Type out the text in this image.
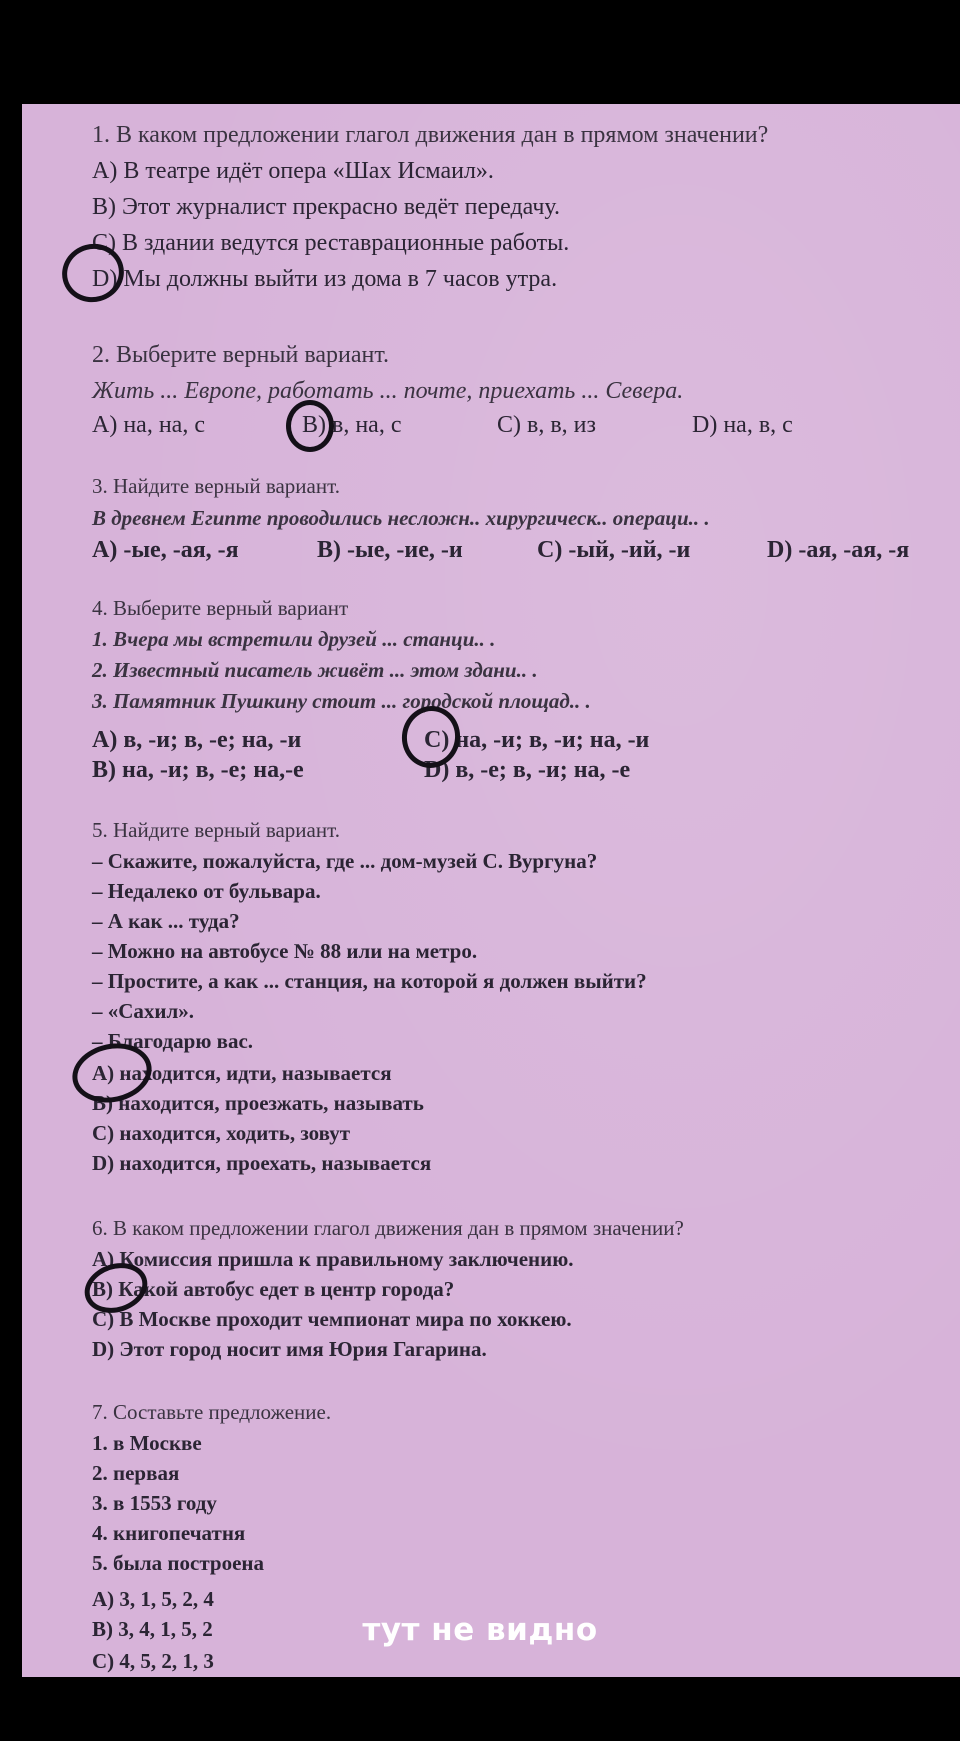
1. В каком предложении глагол движения дан в прямом значении?
A) В театре идёт опера «Шах Исмаил».
B) Этот журналист прекрасно ведёт передачу.
C) В здании ведутся реставрационные работы.
D) Мы должны выйти из дома в 7 часов утра.
2. Выберите верный вариант.
Жить ... Европе, работать ... почте, приехать ... Севера.
A) на, на, с	B) в, на, с	C) в, в, из	D) на, в, с
3. Найдите верный вариант.
В древнем Египте проводились несложн.. хирургическ.. операци.. .
A) -ые, -ая, -я	B) -ые, -ие, -и	C) -ый, -ий, -и	D) -ая, -ая, -я
4. Выберите верный вариант
1. Вчера мы встретили друзей ... станци.. .
2. Известный писатель живёт ... этом здани.. .
3. Памятник Пушкину стоит ... городской площад.. .
A) в, -и; в, -е; на, -и
B) на, -и; в, -е; на,-е
C) на, -и; в, -и; на, -и
D) в, -е; в, -и; на, -е
5. Найдите верный вариант.
– Скажите, пожалуйста, где ... дом-музей С. Вургуна?
– Недалеко от бульвара.
– А как ... туда?
– Можно на автобусе № 88 или на метро.
– Простите, а как ... станция, на которой я должен выйти?
– «Сахил».
– Благодарю вас.
A) находится, идти, называется
B) находится, проезжать, называть
C) находится, ходить, зовут
D) находится, проехать, называется
6. В каком предложении глагол движения дан в прямом значении?
A) Комиссия пришла к правильному заключению.
B) Какой автобус едет в центр города?
C) В Москве проходит чемпионат мира по хоккею.
D) Этот город носит имя Юрия Гагарина.
7. Составьте предложение.
1. в Москве
2. первая
3. в 1553 году
4. книгопечатня
5. была построена
A) 3, 1, 5, 2, 4
B) 3, 4, 1, 5, 2
C) 4, 5, 2, 1, 3
тут не видно
